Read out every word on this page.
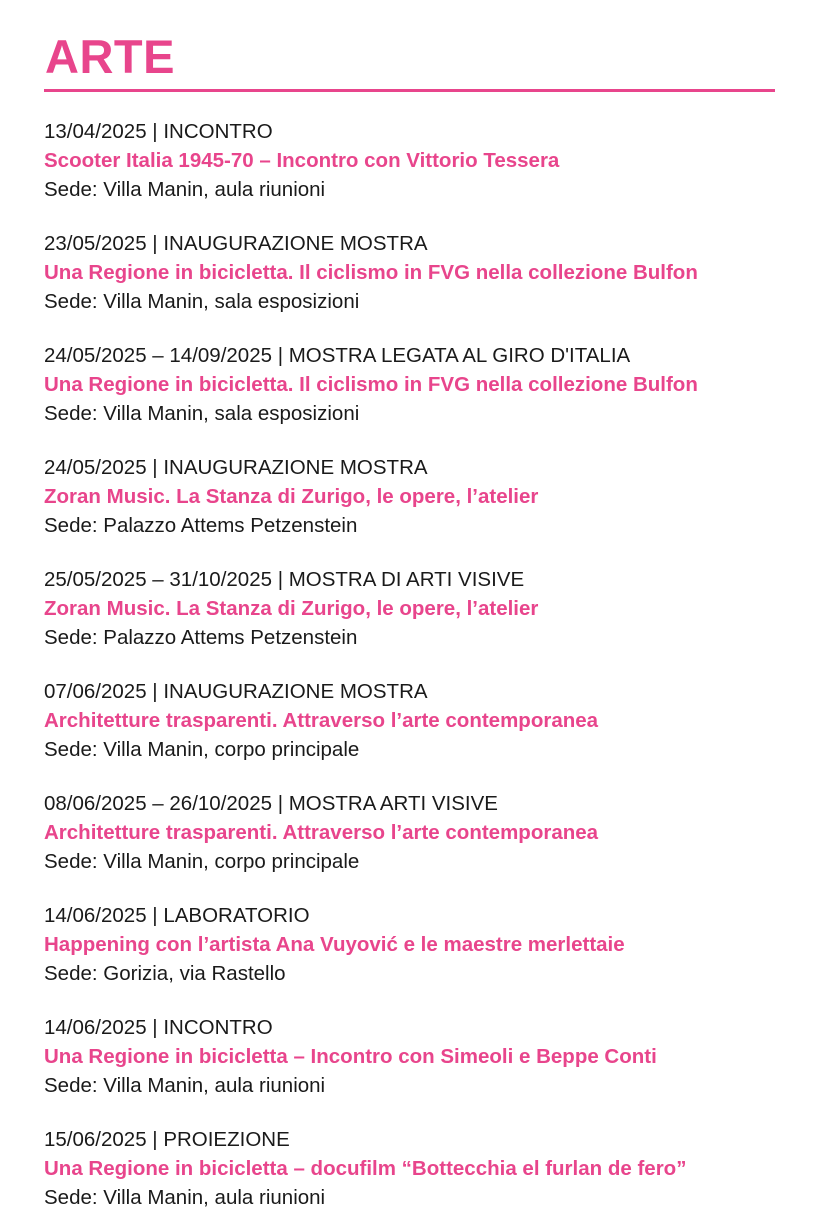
ARTE
13/04/2025 | INCONTRO
Scooter Italia 1945-70 – Incontro con Vittorio Tessera
Sede: Villa Manin, aula riunioni
23/05/2025 | INAUGURAZIONE MOSTRA
Una Regione in bicicletta. Il ciclismo in FVG nella collezione Bulfon
Sede: Villa Manin, sala esposizioni
24/05/2025 – 14/09/2025 | MOSTRA LEGATA AL GIRO D'ITALIA
Una Regione in bicicletta. Il ciclismo in FVG nella collezione Bulfon
Sede: Villa Manin, sala esposizioni
24/05/2025 | INAUGURAZIONE MOSTRA
Zoran Music. La Stanza di Zurigo, le opere, l’atelier
Sede: Palazzo Attems Petzenstein
25/05/2025 – 31/10/2025 | MOSTRA DI ARTI VISIVE
Zoran Music. La Stanza di Zurigo, le opere, l’atelier
Sede: Palazzo Attems Petzenstein
07/06/2025 | INAUGURAZIONE MOSTRA
Architetture trasparenti. Attraverso l’arte contemporanea
Sede: Villa Manin, corpo principale
08/06/2025 – 26/10/2025 | MOSTRA ARTI VISIVE
Architetture trasparenti. Attraverso l’arte contemporanea
Sede: Villa Manin, corpo principale
14/06/2025 | LABORATORIO
Happening con l’artista Ana Vuyović e le maestre merlettaie
Sede: Gorizia, via Rastello
14/06/2025 | INCONTRO
Una Regione in bicicletta – Incontro con Simeoli e Beppe Conti
Sede: Villa Manin, aula riunioni
15/06/2025 | PROIEZIONE
Una Regione in bicicletta – docufilm “Bottecchia el furlan de fero”
Sede: Villa Manin, aula riunioni
